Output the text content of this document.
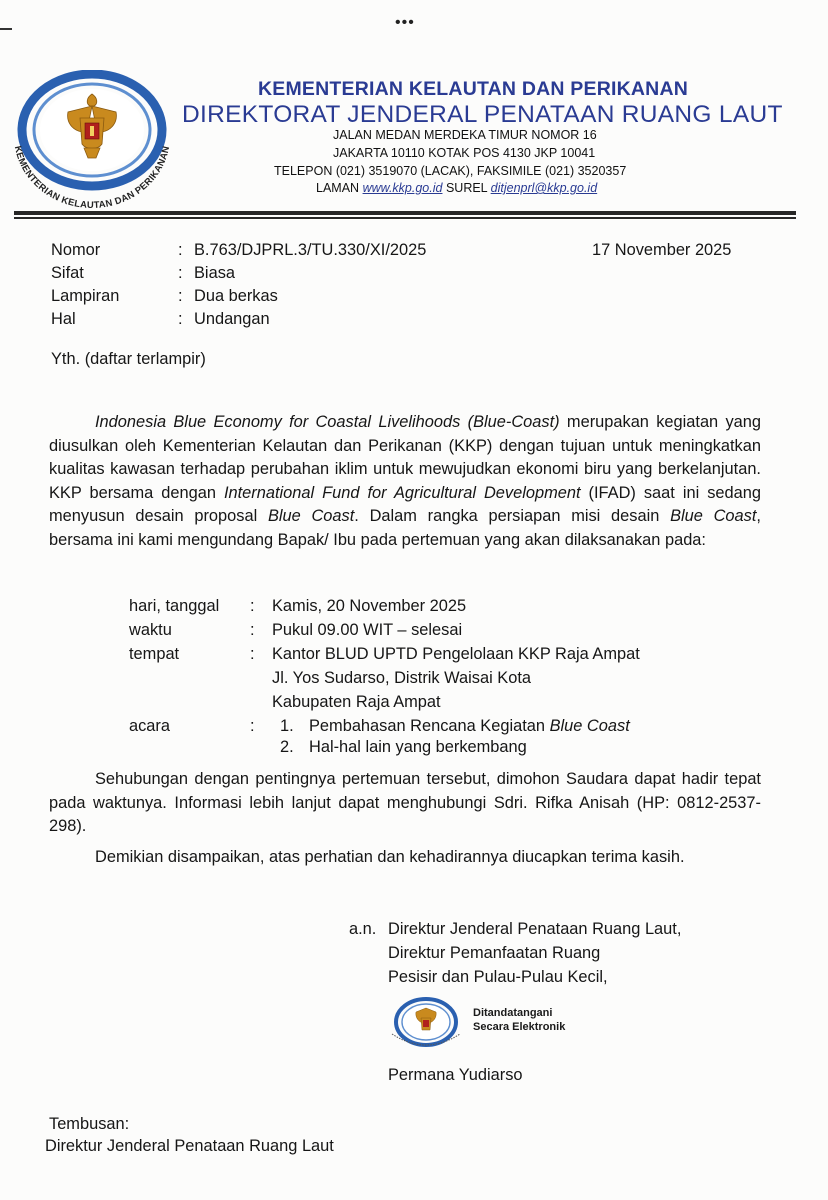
•••
KEMENTERIAN KELAUTAN DAN PERIKANAN
KEMENTERIAN KELAUTAN DAN PERIKANAN
DIREKTORAT JENDERAL PENATAAN RUANG LAUT
JALAN MEDAN MERDEKA TIMUR NOMOR 16
JAKARTA 10110 KOTAK POS 4130 JKP 10041
TELEPON (021) 3519070 (LACAK), FAKSIMILE (021) 3520357
LAMAN www.kkp.go.id SUREL ditjenprl@kkp.go.id
Nomor	: B.763/DJPRL.3/TU.330/XI/2025	17 November 2025
Sifat	: Biasa
Lampiran	: Dua berkas
Hal	: Undangan
Yth. (daftar terlampir)
Indonesia Blue Economy for Coastal Livelihoods (Blue-Coast) merupakan kegiatan yang diusulkan oleh Kementerian Kelautan dan Perikanan (KKP) dengan tujuan untuk meningkatkan kualitas kawasan terhadap perubahan iklim untuk mewujudkan ekonomi biru yang berkelanjutan. KKP bersama dengan International Fund for Agricultural Development (IFAD) saat ini sedang menyusun desain proposal Blue Coast. Dalam rangka persiapan misi desain Blue Coast, bersama ini kami mengundang Bapak/ Ibu pada pertemuan yang akan dilaksanakan pada:
hari, tanggal : Kamis, 20 November 2025
waktu	: Pukul 09.00 WIT – selesai
tempat	: Kantor BLUD UPTD Pengelolaan KKP Raja Ampat
Jl. Yos Sudarso, Distrik Waisai Kota
Kabupaten Raja Ampat
acara	: 1. Pembahasan Rencana Kegiatan Blue Coast
2. Hal-hal lain yang berkembang
Sehubungan dengan pentingnya pertemuan tersebut, dimohon Saudara dapat hadir tepat pada waktunya. Informasi lebih lanjut dapat menghubungi Sdri. Rifka Anisah (HP: 0812-2537-298).
Demikian disampaikan, atas perhatian dan kehadirannya diucapkan terima kasih.
a.n. Direktur Jenderal Penataan Ruang Laut,
Direktur Pemanfaatan Ruang
Pesisir dan Pulau-Pulau Kecil,
Ditandatangani
Secara Elektronik
Permana Yudiarso
Tembusan:
Direktur Jenderal Penataan Ruang Laut
